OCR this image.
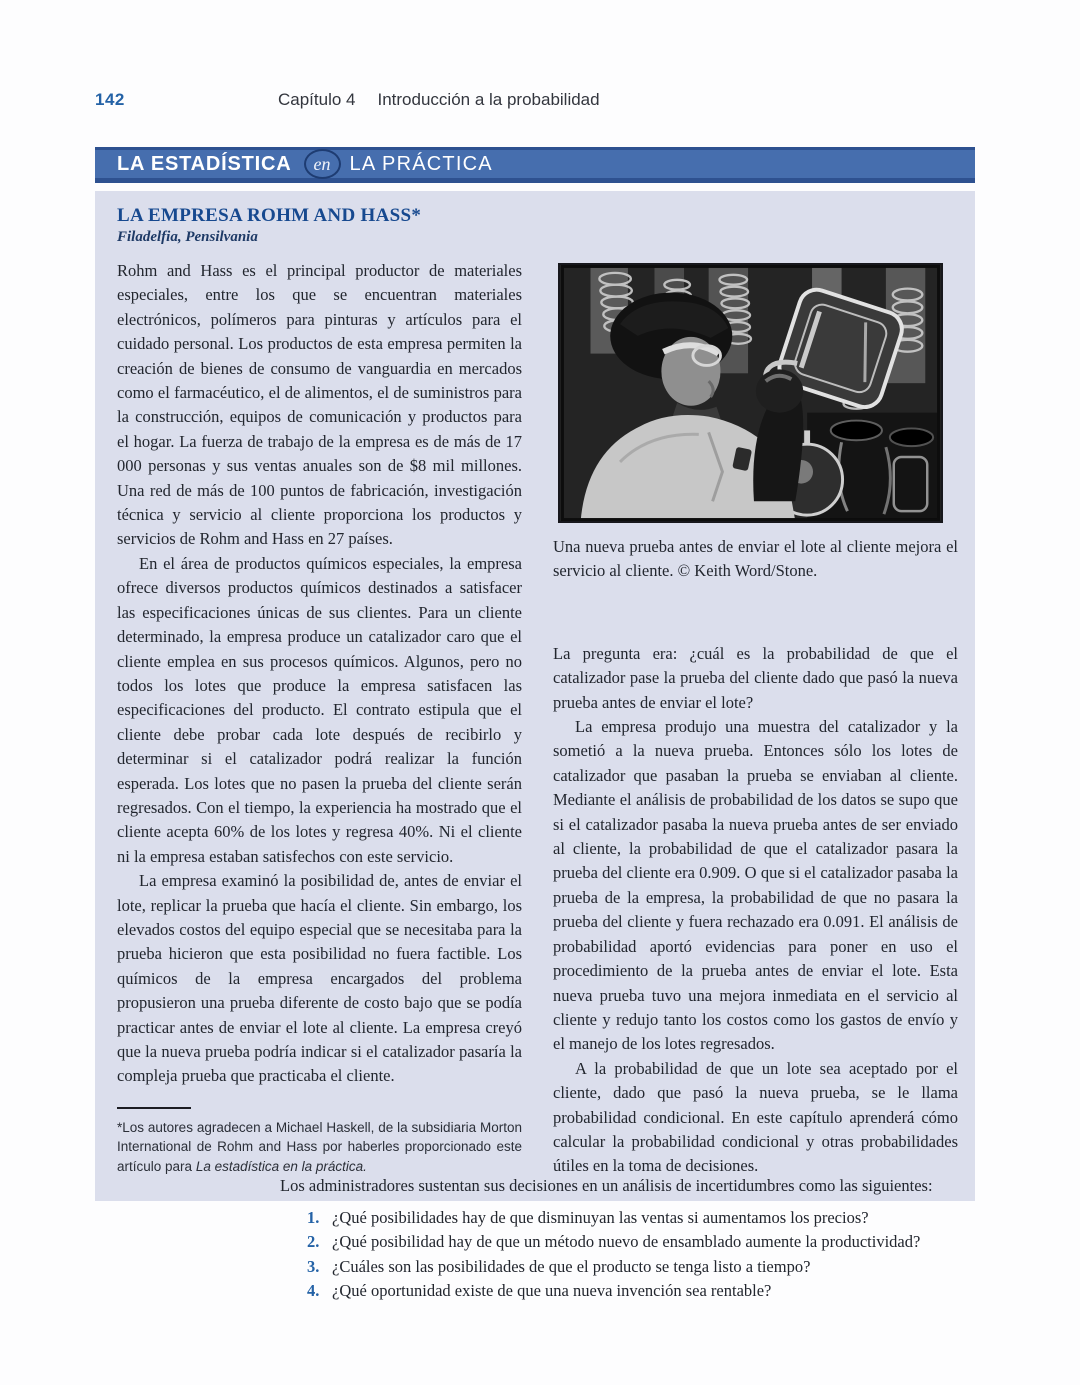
142	Capítulo 4 Introducción a la probabilidad
LA ESTADÍSTICA en LA PRÁCTICA
LA EMPRESA ROHM AND HASS*
Filadelfia, Pensilvania

Rohm and Hass es el principal productor de materiales especiales, entre los que se encuentran materiales electrónicos, polímeros para pinturas y artículos para el cuidado personal. Los productos de esta empresa permiten la creación de bienes de consumo de vanguardia en mercados como el farmacéutico, el de alimentos, el de suministros para la construcción, equipos de comunicación y productos para el hogar. La fuerza de trabajo de la empresa es de más de 17 000 personas y sus ventas anuales son de $8 mil millones. Una red de más de 100 puntos de fabricación, investigación técnica y servicio al cliente proporciona los productos y servicios de Rohm and Hass en 27 países.

En el área de productos químicos especiales, la empresa ofrece diversos productos químicos destinados a satisfacer las especificaciones únicas de sus clientes. Para un cliente determinado, la empresa produce un catalizador caro que el cliente emplea en sus procesos químicos. Algunos, pero no todos los lotes que produce la empresa satisfacen las especificaciones del producto. El contrato estipula que el cliente debe probar cada lote después de recibirlo y determinar si el catalizador podrá realizar la función esperada. Los lotes que no pasen la prueba del cliente serán regresados. Con el tiempo, la experiencia ha mostrado que el cliente acepta 60% de los lotes y regresa 40%. Ni el cliente ni la empresa estaban satisfechos con este servicio.

La empresa examinó la posibilidad de, antes de enviar el lote, replicar la prueba que hacía el cliente. Sin embargo, los elevados costos del equipo especial que se necesitaba para la prueba hicieron que esta posibilidad no fuera factible. Los químicos de la empresa encargados del problema propusieron una prueba diferente de costo bajo que se podía practicar antes de enviar el lote al cliente. La empresa creyó que la nueva prueba podría indicar si el catalizador pasaría la compleja prueba que practicaba el cliente.

*Los autores agradecen a Michael Haskell, de la subsidiaria Morton International de Rohm and Hass por haberles proporcionado este artículo para La estadística en la práctica.

Una nueva prueba antes de enviar el lote al cliente mejora el servicio al cliente. © Keith Word/Stone.

La pregunta era: ¿cuál es la probabilidad de que el catalizador pase la prueba del cliente dado que pasó la nueva prueba antes de enviar el lote?

La empresa produjo una muestra del catalizador y la sometió a la nueva prueba. Entonces sólo los lotes de catalizador que pasaban la prueba se enviaban al cliente. Mediante el análisis de probabilidad de los datos se supo que si el catalizador pasaba la nueva prueba antes de ser enviado al cliente, la probabilidad de que el catalizador pasara la prueba del cliente era 0.909. O que si el catalizador pasaba la prueba de la empresa, la probabilidad de que no pasara la prueba del cliente y fuera rechazado era 0.091. El análisis de probabilidad aportó evidencias para poner en uso el procedimiento de la prueba antes de enviar el lote. Esta nueva prueba tuvo una mejora inmediata en el servicio al cliente y redujo tanto los costos como los gastos de envío y el manejo de los lotes regresados.

A la probabilidad de que un lote sea aceptado por el cliente, dado que pasó la nueva prueba, se le llama probabilidad condicional. En este capítulo aprenderá cómo calcular la probabilidad condicional y otras probabilidades útiles en la toma de decisiones.

Los administradores sustentan sus decisiones en un análisis de incertidumbres como las siguientes:

1. ¿Qué posibilidades hay de que disminuyan las ventas si aumentamos los precios?
2. ¿Qué posibilidad hay de que un método nuevo de ensamblado aumente la productividad?
3. ¿Cuáles son las posibilidades de que el producto se tenga listo a tiempo?
4. ¿Qué oportunidad existe de que una nueva invención sea rentable?
